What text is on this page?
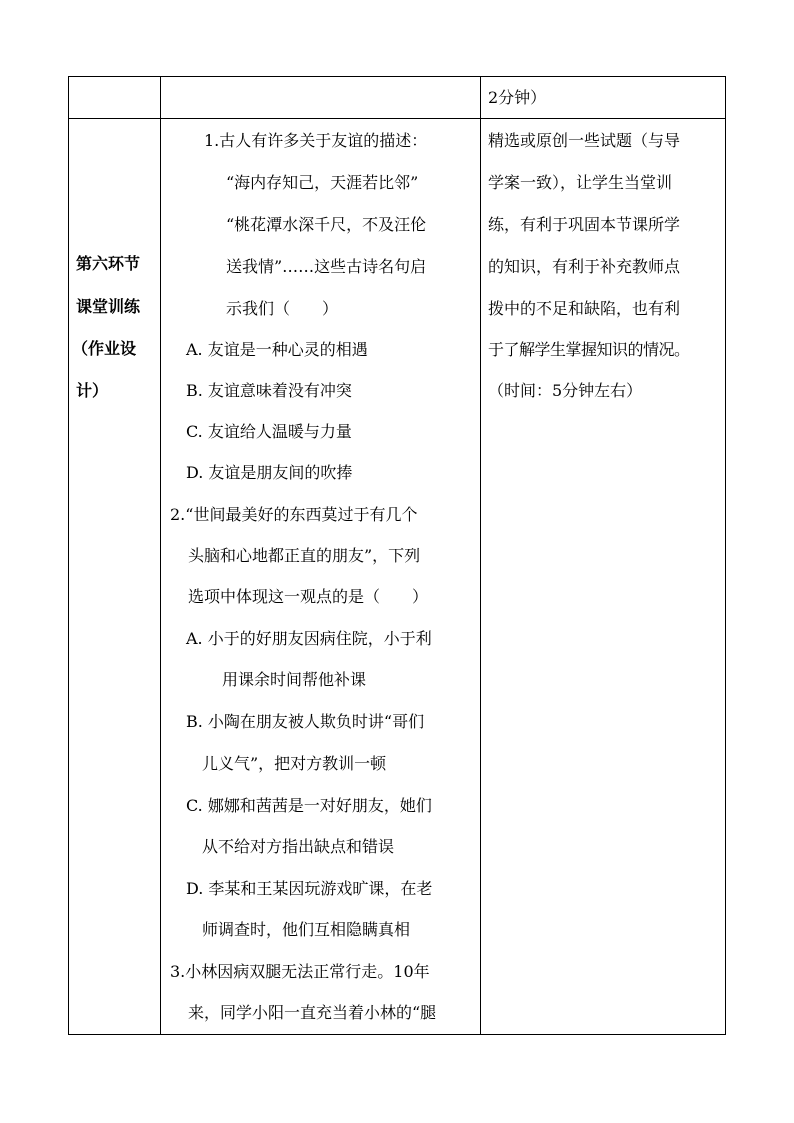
2分钟）
第六环节
课堂训练
（作业设
计）
1.古人有许多关于友谊的描述：
“海内存知己，天涯若比邻”
“桃花潭水深千尺，不及汪伦
送我情”……这些古诗名句启
示我们（　　）
A. 友谊是一种心灵的相遇
B. 友谊意味着没有冲突
C. 友谊给人温暖与力量
D. 友谊是朋友间的吹捧
2.“世间最美好的东西莫过于有几个
头脑和心地都正直的朋友”，下列
选项中体现这一观点的是（　　）
A. 小于的好朋友因病住院，小于利
用课余时间帮他补课
B. 小陶在朋友被人欺负时讲“哥们
儿义气”，把对方教训一顿
C. 娜娜和茜茜是一对好朋友，她们
从不给对方指出缺点和错误
D. 李某和王某因玩游戏旷课，在老
师调查时，他们互相隐瞒真相
3.小林因病双腿无法正常行走。10年
来，同学小阳一直充当着小林的“腿
精选或原创一些试题（与导
学案一致），让学生当堂训
练，有利于巩固本节课所学
的知识，有利于补充教师点
拨中的不足和缺陷，也有利
于了解学生掌握知识的情况。
（时间：5分钟左右）
